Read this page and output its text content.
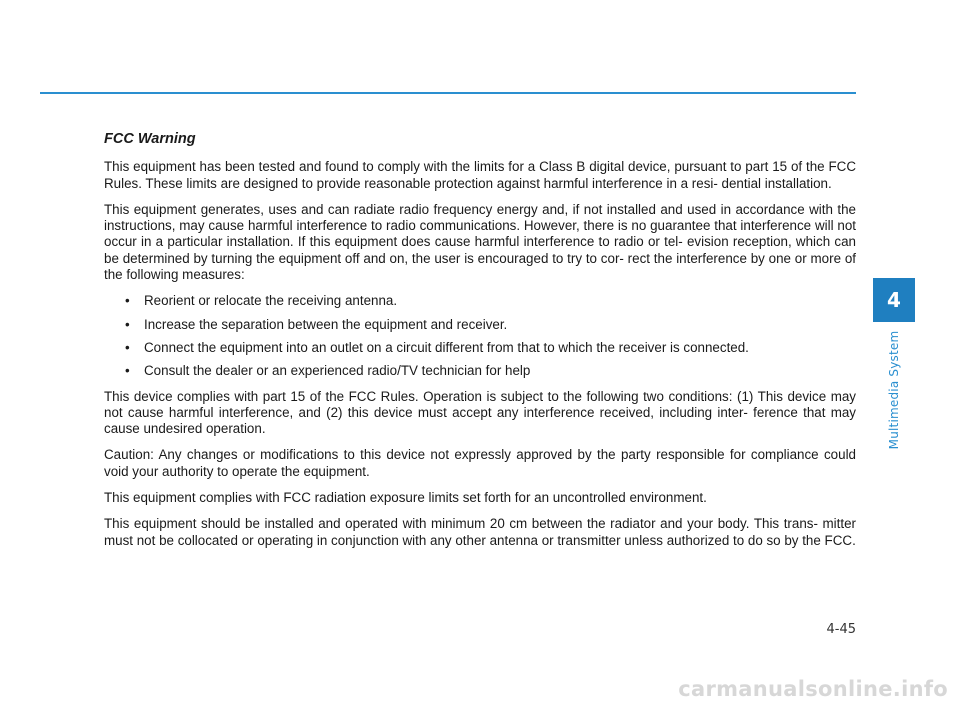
FCC Warning

This equipment has been tested and found to comply with the limits for a Class B digital device, pursuant to part 15 of the FCC Rules. These limits are designed to provide reasonable protection against harmful interference in a resi- dential installation.

This equipment generates, uses and can radiate radio frequency energy and, if not installed and used in accordance with the instructions, may cause harmful interference to radio communications. However, there is no guarantee that interference will not occur in a particular installation. If this equipment does cause harmful interference to radio or tel- evision reception, which can be determined by turning the equipment off and on, the user is encouraged to try to cor- rect the interference by one or more of the following measures:

• Reorient or relocate the receiving antenna.
• Increase the separation between the equipment and receiver.
• Connect the equipment into an outlet on a circuit different from that to which the receiver is connected.
• Consult the dealer or an experienced radio/TV technician for help

This device complies with part 15 of the FCC Rules. Operation is subject to the following two conditions: (1) This device may not cause harmful interference, and (2) this device must accept any interference received, including inter- ference that may cause undesired operation.

Caution: Any changes or modifications to this device not expressly approved by the party responsible for compliance could void your authority to operate the equipment.

This equipment complies with FCC radiation exposure limits set forth for an uncontrolled environment.

This equipment should be installed and operated with minimum 20 cm between the radiator and your body. This trans- mitter must not be collocated or operating in conjunction with any other antenna or transmitter unless authorized to do so by the FCC.

4
Multimedia System
4-45
carmanualsonline.info
